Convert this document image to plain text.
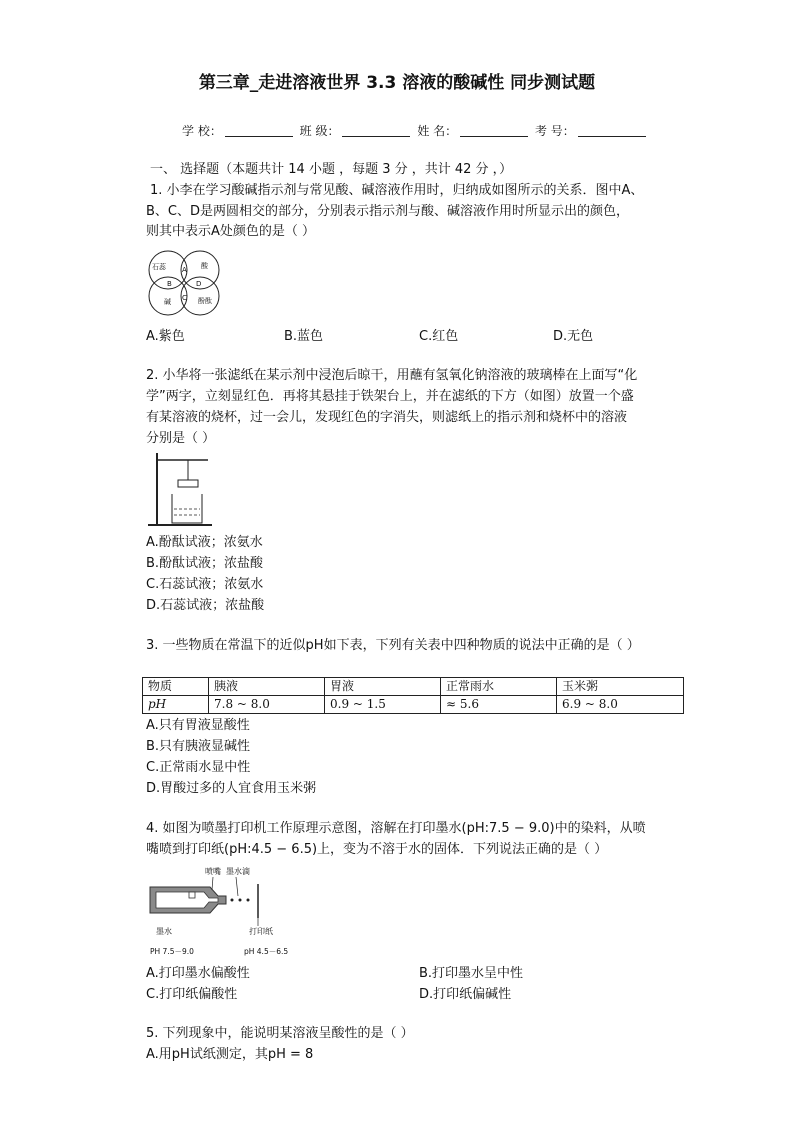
第三章_走进溶液世界 3.3 溶液的酸碱性 同步测试题
学 校：	班 级：	姓 名：	考 号：
一、 选择题（本题共计 14 小题 ，每题 3 分 ，共计 42 分 ，）
1. 小李在学习酸碱指示剂与常见酸、碱溶液作用时，归纳成如图所示的关系．图中A、
B、C、D是两圆相交的部分，分别表示指示剂与酸、碱溶液作用时所显示出的颜色，
则其中表示A处颜色的是（ ）
石蕊	酸
碱	酚酞
A
B
C
D
A.紫色	B.蓝色	C.红色	D.无色
2. 小华将一张滤纸在某示剂中浸泡后晾干，用蘸有氢氧化钠溶液的玻璃棒在上面写“化
学”两字，立刻显红色．再将其悬挂于铁架台上，并在滤纸的下方（如图）放置一个盛
有某溶液的烧杯，过一会儿，发现红色的字消失，则滤纸上的指示剂和烧杯中的溶液
分别是（ ）
A.酚酞试液；浓氨水
B.酚酞试液；浓盐酸
C.石蕊试液；浓氨水
D.石蕊试液；浓盐酸
3. 一些物质在常温下的近似pH如下表，下列有关表中四种物质的说法中正确的是（ ）
物质	胰液	胃液	正常雨水	玉米粥
pH	7.8 ~ 8.0	0.9 ~ 1.5	≈ 5.6	6.9 ~ 8.0
A.只有胃液显酸性
B.只有胰液显碱性
C.正常雨水显中性
D.胃酸过多的人宜食用玉米粥
4. 如图为喷墨打印机工作原理示意图，溶解在打印墨水(pH:7.5 − 9.0)中的染料，从喷
嘴喷到打印纸(pH:4.5 − 6.5)上，变为不溶于水的固体．下列说法正确的是（ ）
喷嘴 墨水滴
墨水	打印纸
PH 7.5－9.0	pH 4.5－6.5
A.打印墨水偏酸性	B.打印墨水呈中性
C.打印纸偏酸性	D.打印纸偏碱性
5. 下列现象中，能说明某溶液呈酸性的是（ ）
A.用pH试纸测定，其pH = 8
